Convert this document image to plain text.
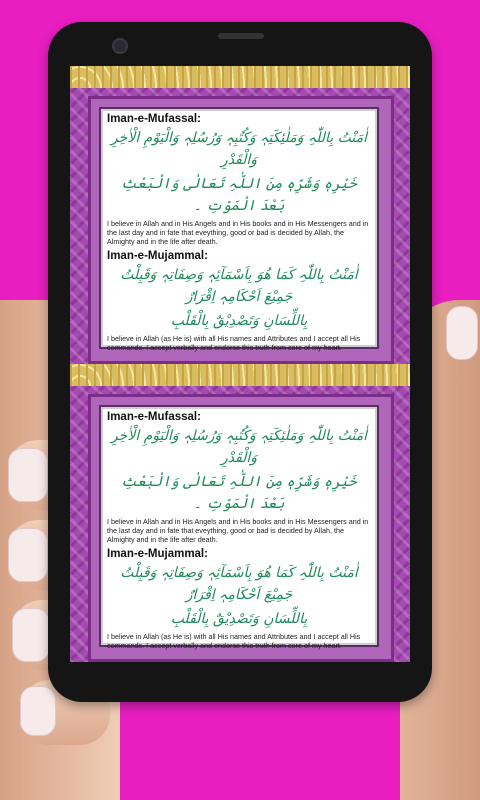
Iman-e-Mufassal:
اٰمَنْتُ بِاللّٰہِ وَمَلٰئِکَتِہٖ وَکُتُبِہٖ وَرُسُلِہٖ وَالْیَوْمِ الْاٰخِرِ وَالْقَدْرِ
خَیْرِہٖ وَشَرِّہٖ مِنَ اللّٰہِ تَعَالٰی وَالْبَعْثِ بَعْدَ الْمَوْتِ ۔
I believe in Allah and in His Angels and in His books and in His Messengers and in the last day and in fate that eveything, good or bad is decided by Allah, the Almighty and in the life after death.
Iman-e-Mujammal:
اٰمَنْتُ بِاللّٰہِ کَمَا ھُوَ بِاَسْمَآئِہٖ وَصِفَاتِہٖ وَقَبِلْتُ جَمِیْعَ اَحْکَامِہٖ اِقْرَارٌ
بِاللِّسَانِ وَتَصْدِیْقٌ بِالْقَلْبِ
I believe in Allah (as He is) with all His names and Attributes and I accept all His commands. I accept verbally and endorse this truth from core of my heart.
Iman-e-Mufassal:
اٰمَنْتُ بِاللّٰہِ وَمَلٰئِکَتِہٖ وَکُتُبِہٖ وَرُسُلِہٖ وَالْیَوْمِ الْاٰخِرِ وَالْقَدْرِ
خَیْرِہٖ وَشَرِّہٖ مِنَ اللّٰہِ تَعَالٰی وَالْبَعْثِ بَعْدَ الْمَوْتِ ۔
I believe in Allah and in His Angels and in His books and in His Messengers and in the last day and in fate that eveything, good or bad is decided by Allah, the Almighty and in the life after death.
Iman-e-Mujammal:
اٰمَنْتُ بِاللّٰہِ کَمَا ھُوَ بِاَسْمَآئِہٖ وَصِفَاتِہٖ وَقَبِلْتُ جَمِیْعَ اَحْکَامِہٖ اِقْرَارٌ
بِاللِّسَانِ وَتَصْدِیْقٌ بِالْقَلْبِ
I believe in Allah (as He is) with all His names and Attributes and I accept all His commands. I accept verbally and endorse this truth from core of my heart.
